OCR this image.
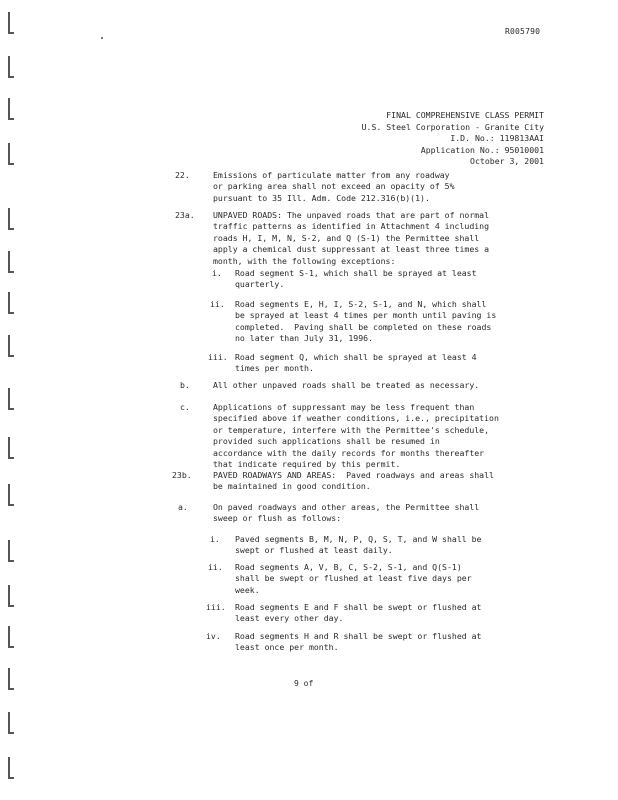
R005790
FINAL COMPREHENSIVE CLASS PERMIT
U.S. Steel Corporation - Granite City
I.D. No.: 119813AAI
Application No.: 95010001
October 3, 2001
22.	Emissions of particulate matter from any roadway
or parking area shall not exceed an opacity of 5%
pursuant to 35 Ill. Adm. Code 212.316(b)(1).
23a. UNPAVED ROADS: The unpaved roads that are part of normal
traffic patterns as identified in Attachment 4 including
roads H, I, M, N, S-2, and Q (S-1) the Permittee shall
apply a chemical dust suppressant at least three times a
month, with the following exceptions:
i. Road segment S-1, which shall be sprayed at least
quarterly.
ii. Road segments E, H, I, S-2, S-1, and N, which shall
be sprayed at least 4 times per month until paving is
completed.  Paving shall be completed on these roads
no later than July 31, 1996.
iii. Road segment Q, which shall be sprayed at least 4
times per month.
b.	All other unpaved roads shall be treated as necessary.
c.	Applications of suppressant may be less frequent than
specified above if weather conditions, i.e., precipitation
or temperature, interfere with the Permittee's schedule,
provided such applications shall be resumed in
accordance with the daily records for months thereafter
that indicate required by this permit.
23b.	PAVED ROADWAYS AND AREAS:  Paved roadways and areas shall
be maintained in good condition.
a.	On paved roadways and other areas, the Permittee shall
sweep or flush as follows:
i. Paved segments B, M, N, P, Q, S, T, and W shall be
swept or flushed at least daily.
ii. Road segments A, V, B, C, S-2, S-1, and Q(S-1)
shall be swept or flushed at least five days per
week.
iii. Road segments E and F shall be swept or flushed at
least every other day.
iv. Road segments H and R shall be swept or flushed at
least once per month.
9 of
